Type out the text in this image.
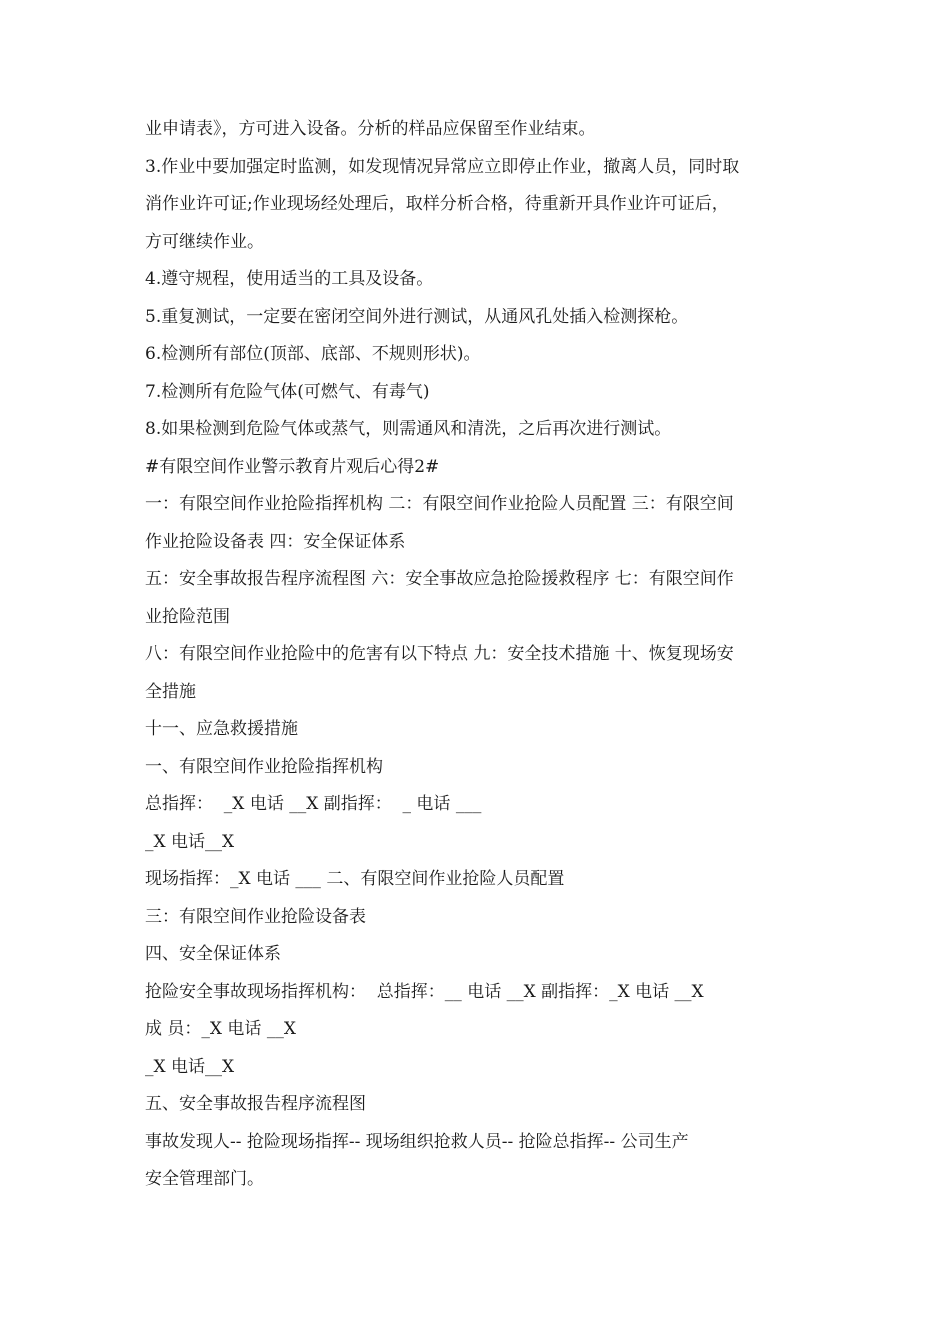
业申请表》，方可进入设备。分析的样品应保留至作业结束。

3.作业中要加强定时监测，如发现情况异常应立即停止作业，撤离人员，同时取

消作业许可证;作业现场经处理后，取样分析合格，待重新开具作业许可证后，

方可继续作业。

4.遵守规程，使用适当的工具及设备。

5.重复测试，一定要在密闭空间外进行测试，从通风孔处插入检测探枪。

6.检测所有部位(顶部、底部、不规则形状)。

7.检测所有危险气体(可燃气、有毒气)

8.如果检测到危险气体或蒸气，则需通风和清洗，之后再次进行测试。

#有限空间作业警示教育片观后心得2#

一：有限空间作业抢险指挥机构 二：有限空间作业抢险人员配置 三：有限空间

作业抢险设备表 四：安全保证体系

五：安全事故报告程序流程图 六：安全事故应急抢险援救程序 七：有限空间作

业抢险范围

八：有限空间作业抢险中的危害有以下特点 九：安全技术措施 十、恢复现场安

全措施

十一、应急救援措施

一、有限空间作业抢险指挥机构

总指挥：  _X 电话 __X 副指挥：  _ 电话 ___

_X 电话__X

现场指挥：_X 电话 ___ 二、有限空间作业抢险人员配置

三：有限空间作业抢险设备表

四、安全保证体系

抢险安全事故现场指挥机构：  总指挥：__ 电话 __X 副指挥：_X 电话 __X

成 员：_X 电话 __X

_X 电话__X

五、安全事故报告程序流程图

事故发现人-- 抢险现场指挥-- 现场组织抢救人员-- 抢险总指挥-- 公司生产

安全管理部门。
